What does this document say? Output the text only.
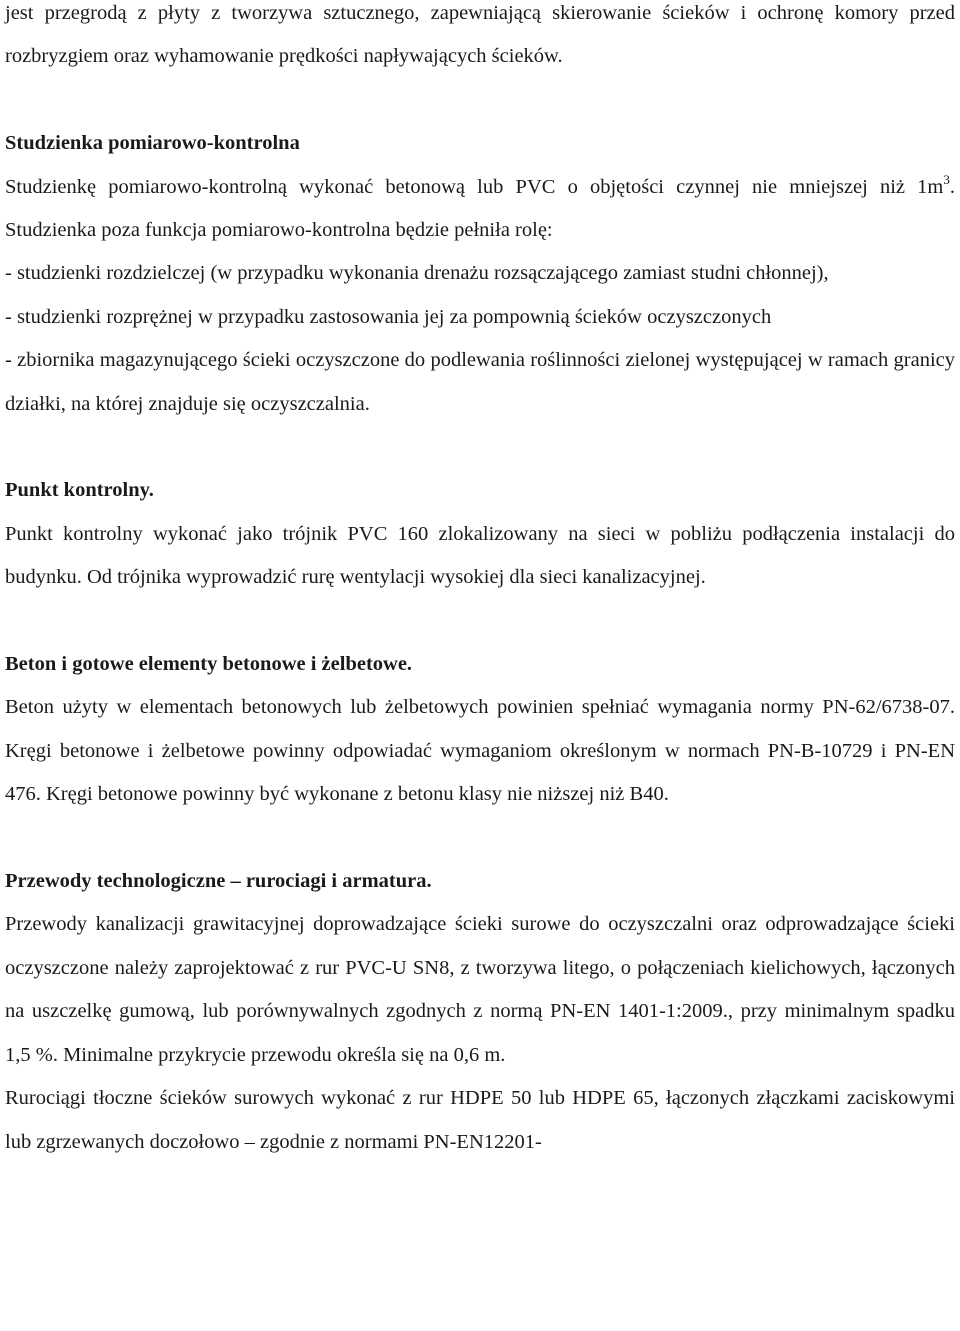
jest przegrodą z płyty z tworzywa sztucznego, zapewniającą skierowanie ścieków i ochronę komory przed rozbryzgiem oraz wyhamowanie prędkości napływających ścieków.

Studzienka pomiarowo-kontrolna

Studzienkę pomiarowo-kontrolną wykonać betonową lub PVC o objętości czynnej nie mniejszej niż $1m^3$. Studzienka poza funkcja pomiarowo-kontrolna będzie pełniła rolę:

- studzienki rozdzielczej (w przypadku wykonania drenażu rozsączającego zamiast studni chłonnej),

- studzienki rozprężnej w przypadku zastosowania jej za pompownią ścieków oczyszczonych

- zbiornika magazynującego ścieki oczyszczone do podlewania roślinności zielonej występującej w ramach granicy działki, na której znajduje się oczyszczalnia.

Punkt kontrolny.

Punkt kontrolny wykonać jako trójnik PVC 160 zlokalizowany na sieci w pobliżu podłączenia instalacji do budynku. Od trójnika wyprowadzić rurę wentylacji wysokiej dla sieci kanalizacyjnej.

Beton i gotowe elementy betonowe i żelbetowe.

Beton użyty w elementach betonowych lub żelbetowych powinien spełniać wymagania normy PN-62/6738-07. Kręgi betonowe i żelbetowe powinny odpowiadać wymaganiom określonym w normach PN-B-10729 i PN-EN 476. Kręgi betonowe powinny być wykonane z betonu klasy nie niższej niż B40.

Przewody technologiczne – rurociagi i armatura.

Przewody kanalizacji grawitacyjnej doprowadzające ścieki surowe do oczyszczalni oraz odprowadzające ścieki oczyszczone należy zaprojektować z rur PVC-U SN8, z tworzywa litego, o połączeniach kielichowych, łączonych na uszczelkę gumową, lub porównywalnych zgodnych z normą PN-EN 1401-1:2009., przy minimalnym spadku 1,5 %. Minimalne przykrycie przewodu określa się na 0,6 m.

Rurociągi tłoczne ścieków surowych wykonać z rur HDPE 50 lub HDPE 65, łączonych złączkami zaciskowymi lub zgrzewanych doczołowo – zgodnie z normami PN-EN12201-
